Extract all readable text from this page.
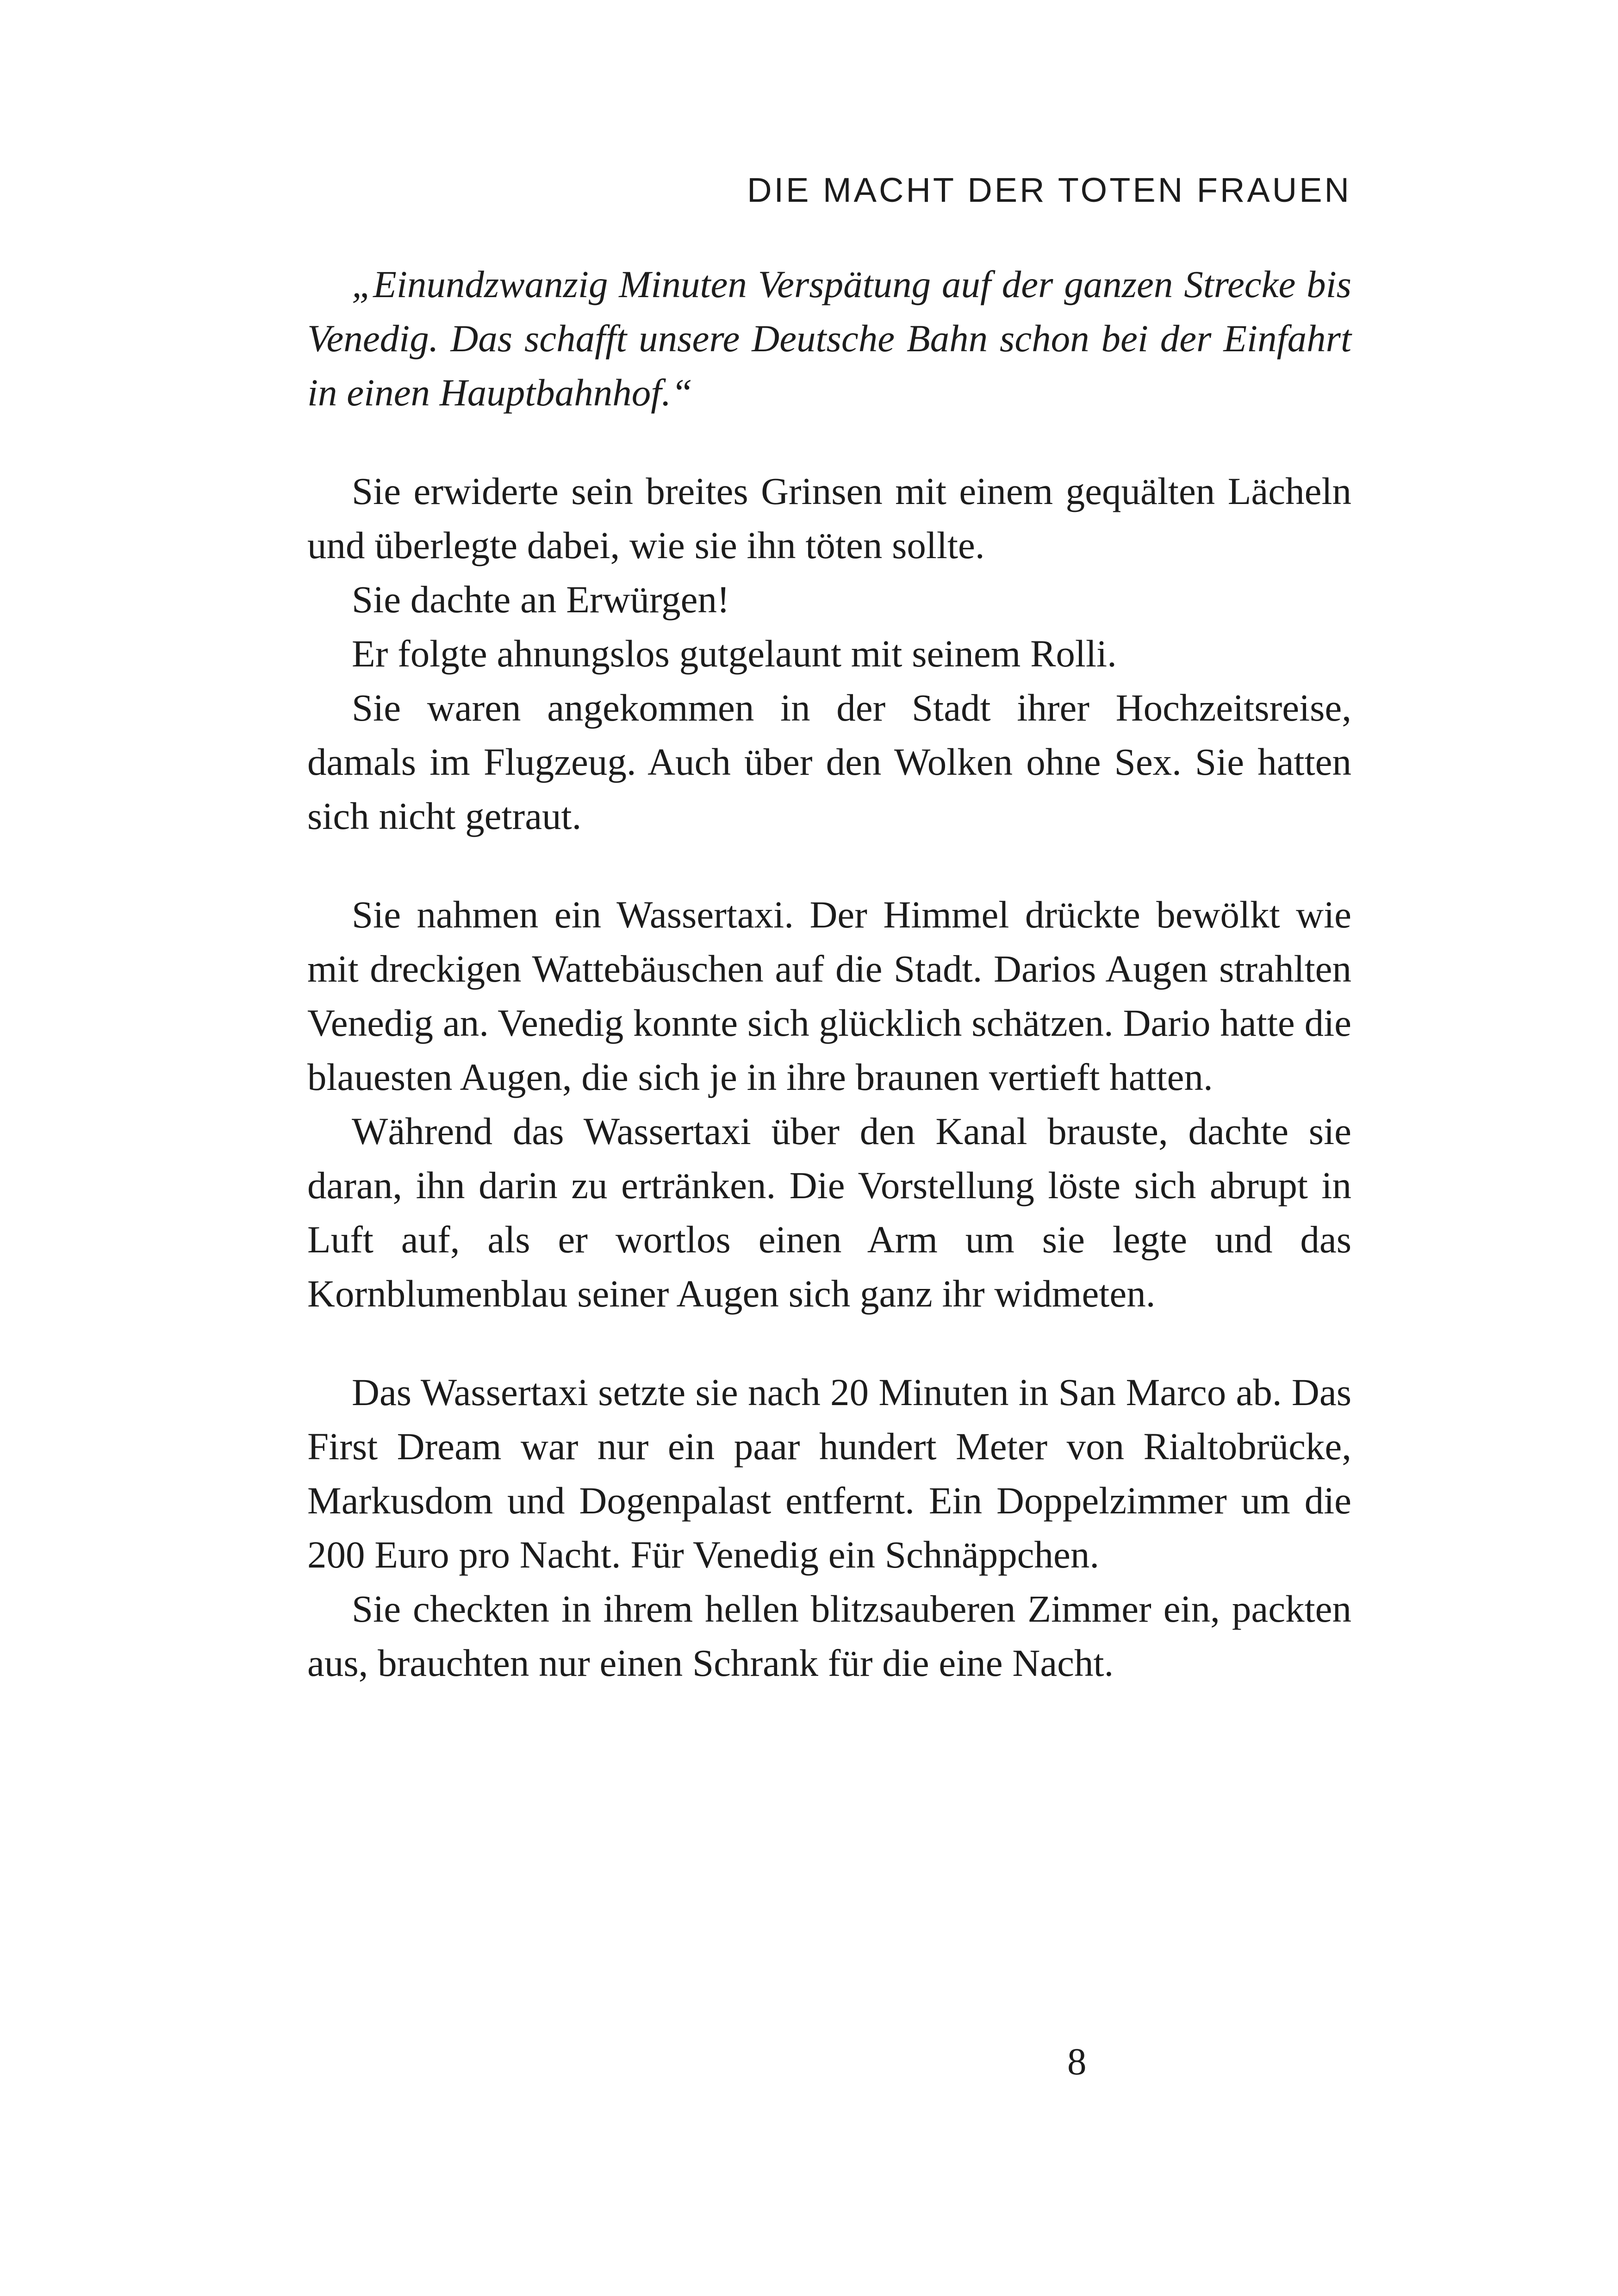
DIE MACHT DER TOTEN FRAUEN

„Einundzwanzig Minuten Verspätung auf der ganzen Strecke bis Venedig. Das schafft unsere Deutsche Bahn schon bei der Einfahrt in einen Hauptbahnhof.“

Sie erwiderte sein breites Grinsen mit einem gequälten Lächeln und überlegte dabei, wie sie ihn töten sollte.

Sie dachte an Erwürgen!

Er folgte ahnungslos gutgelaunt mit seinem Rolli.

Sie waren angekommen in der Stadt ihrer Hochzeitsreise, damals im Flugzeug. Auch über den Wolken ohne Sex. Sie hatten sich nicht getraut.

Sie nahmen ein Wassertaxi. Der Himmel drückte bewölkt wie mit dreckigen Wattebäuschen auf die Stadt. Darios Augen strahlten Venedig an. Venedig konnte sich glücklich schätzen. Dario hatte die blauesten Augen, die sich je in ihre braunen vertieft hatten.

Während das Wassertaxi über den Kanal brauste, dachte sie daran, ihn darin zu ertränken. Die Vorstellung löste sich abrupt in Luft auf, als er wortlos einen Arm um sie legte und das Kornblumenblau seiner Augen sich ganz ihr widmeten.

Das Wassertaxi setzte sie nach 20 Minuten in San Marco ab. Das First Dream war nur ein paar hundert Meter von Rialtobrücke, Markusdom und Dogenpalast entfernt. Ein Doppelzimmer um die 200 Euro pro Nacht. Für Venedig ein Schnäppchen.

Sie checkten in ihrem hellen blitzsauberen Zimmer ein, packten aus, brauchten nur einen Schrank für die eine Nacht.

8
